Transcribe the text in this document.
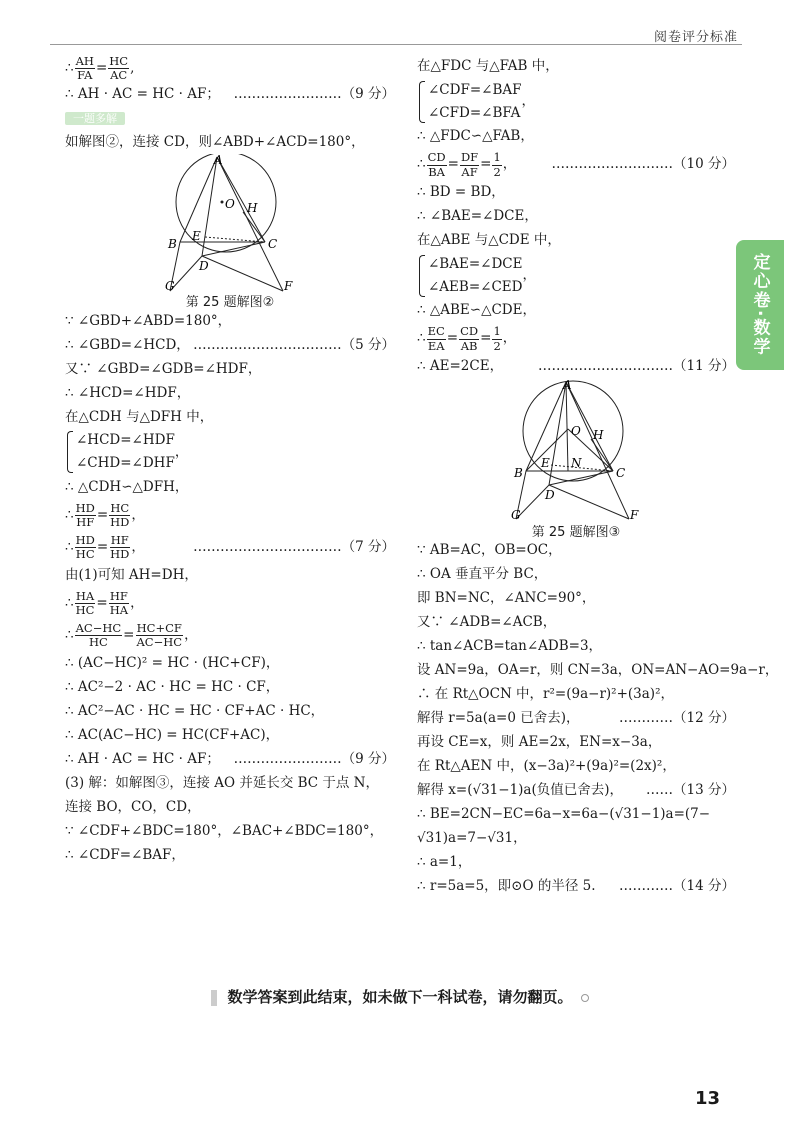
阅卷评分标准
定心卷·数学
∴ $\frac{AH}{FA} = \frac{HC}{AC}$ ,
∴ AH · AC = HC · AF； ……………………（9 分）
一题多解
如解图②，连接 CD，则∠ABD+∠ACD=180°，
A
O H
B
E
C
D
G	F
第 25 题解图②
∵ ∠GBD+∠ABD=180°，
∴ ∠GBD=∠HCD， ……………………………（5 分）
又∵ ∠GBD=∠GDB=∠HDF，
∴ ∠HCD=∠HDF，
在△CDH 与△DFH 中，
∠HCD=∠HDF
∠CHD=∠DHF
，
∴ △CDH∽△DFH，
∴ $\frac{HD}{HF} = \frac{HC}{HD}$ ，
∴ $\frac{HD}{HC} = \frac{HF}{HD}$ ，	……………………………（7 分）
由(1)可知 AH=DH，
∴ $\frac{HA}{HC} = \frac{HF}{HA}$ ，
∴ $\frac{AC-HC}{HC} = \frac{HC+CF}{AC-HC}$ ，
∴ (AC−HC)² = HC · (HC+CF)，
∴ AC²−2 · AC · HC = HC · CF，
∴ AC²−AC · HC = HC · CF+AC · HC，
∴ AC(AC−HC) = HC(CF+AC)，
∴ AH · AC = HC · AF； ……………………（9 分）
(3) 解：如解图③，连接 AO 并延长交 BC 于点 N，
连接 BO，CO，CD，
∵ ∠CDF+∠BDC=180°，∠BAC+∠BDC=180°，
∴ ∠CDF=∠BAF，
在△FDC 与△FAB 中，
∠CDF=∠BAF
∠CFD=∠BFA
，
∴ △FDC∽△FAB，
∴ $\frac{CD}{BA} = \frac{DF}{AF} = \frac{1}{2}$ ，	………………………（10 分）
∴ BD = BD，
∴ ∠BAE=∠DCE，
在△ABE 与△CDE 中，
∠BAE=∠DCE
∠AEB=∠CED
，
∴ △ABE∽△CDE，
∴ $\frac{EC}{EA} = \frac{CD}{AB} = \frac{1}{2}$ ，
∴ AE=2CE，	…………………………（11 分）
A
O H
B
E N
C
D
G	F
第 25 题解图③
∵ AB=AC，OB=OC，
∴ OA 垂直平分 BC，
即 BN=NC，∠ANC=90°，
又∵ ∠ADB=∠ACB，
∴ tan∠ACB=tan∠ADB=3，
设 AN=9a，OA=r，则 CN=3a，ON=AN−AO=9a−r，
∴ 在 Rt△OCN 中，r²=(9a−r)²+(3a)²，
解得 r=5a(a=0 已舍去)，	…………（12 分）
再设 CE=x，则 AE=2x，EN=x−3a，
在 Rt△AEN 中，(x−3a)²+(9a)²=(2x)²，
解得 x=(√31−1)a(负值已舍去)， ……（13 分）
∴ BE=2CN−EC=6a−x=6a−(√31−1)a=(7−
√31)a=7−√31，
∴ a=1，
∴ r=5a=5，即⊙O 的半径 5. …………（14 分）
数学答案到此结束，如未做下一科试卷，请勿翻页。
13
